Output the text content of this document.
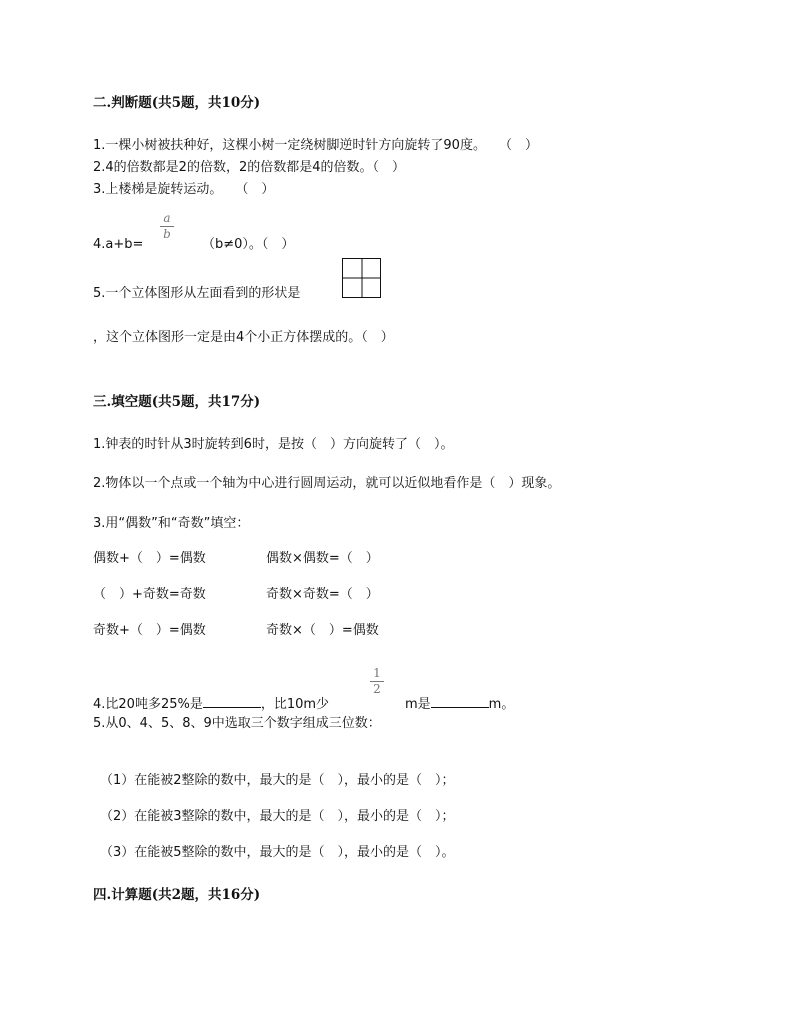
二.判断题(共5题，共10分)
1.一棵小树被扶种好，这棵小树一定绕树脚逆时针方向旋转了90度。　　（　）
2.4的倍数都是2的倍数，2的倍数都是4的倍数。（　）
3.上楼梯是旋转运动。　　（　）
4.a+b=
a
b
（b≠0）。（　）
5.一个立体图形从左面看到的形状是
，这个立体图形一定是由4个小正方体摆成的。（　）
三.填空题(共5题，共17分)
1.钟表的时针从3时旋转到6时，是按（　）方向旋转了（　）。
2.物体以一个点或一个轴为中心进行圆周运动，就可以近似地看作是（　）现象。
3.用“偶数”和“奇数”填空：
偶数+（　）=偶数	偶数×偶数=（　）
（　）+奇数=奇数	奇数×奇数=（　）
奇数+（　）=偶数	奇数×（　）=偶数
4.比20吨多25%是	，比10m少
1
2
m是	m。
5.从0、4、5、8、9中选取三个数字组成三位数：
（1）在能被2整除的数中，最大的是（　），最小的是（　）；
（2）在能被3整除的数中，最大的是（　），最小的是（　）；
（3）在能被5整除的数中，最大的是（　），最小的是（　）。
四.计算题(共2题，共16分)
